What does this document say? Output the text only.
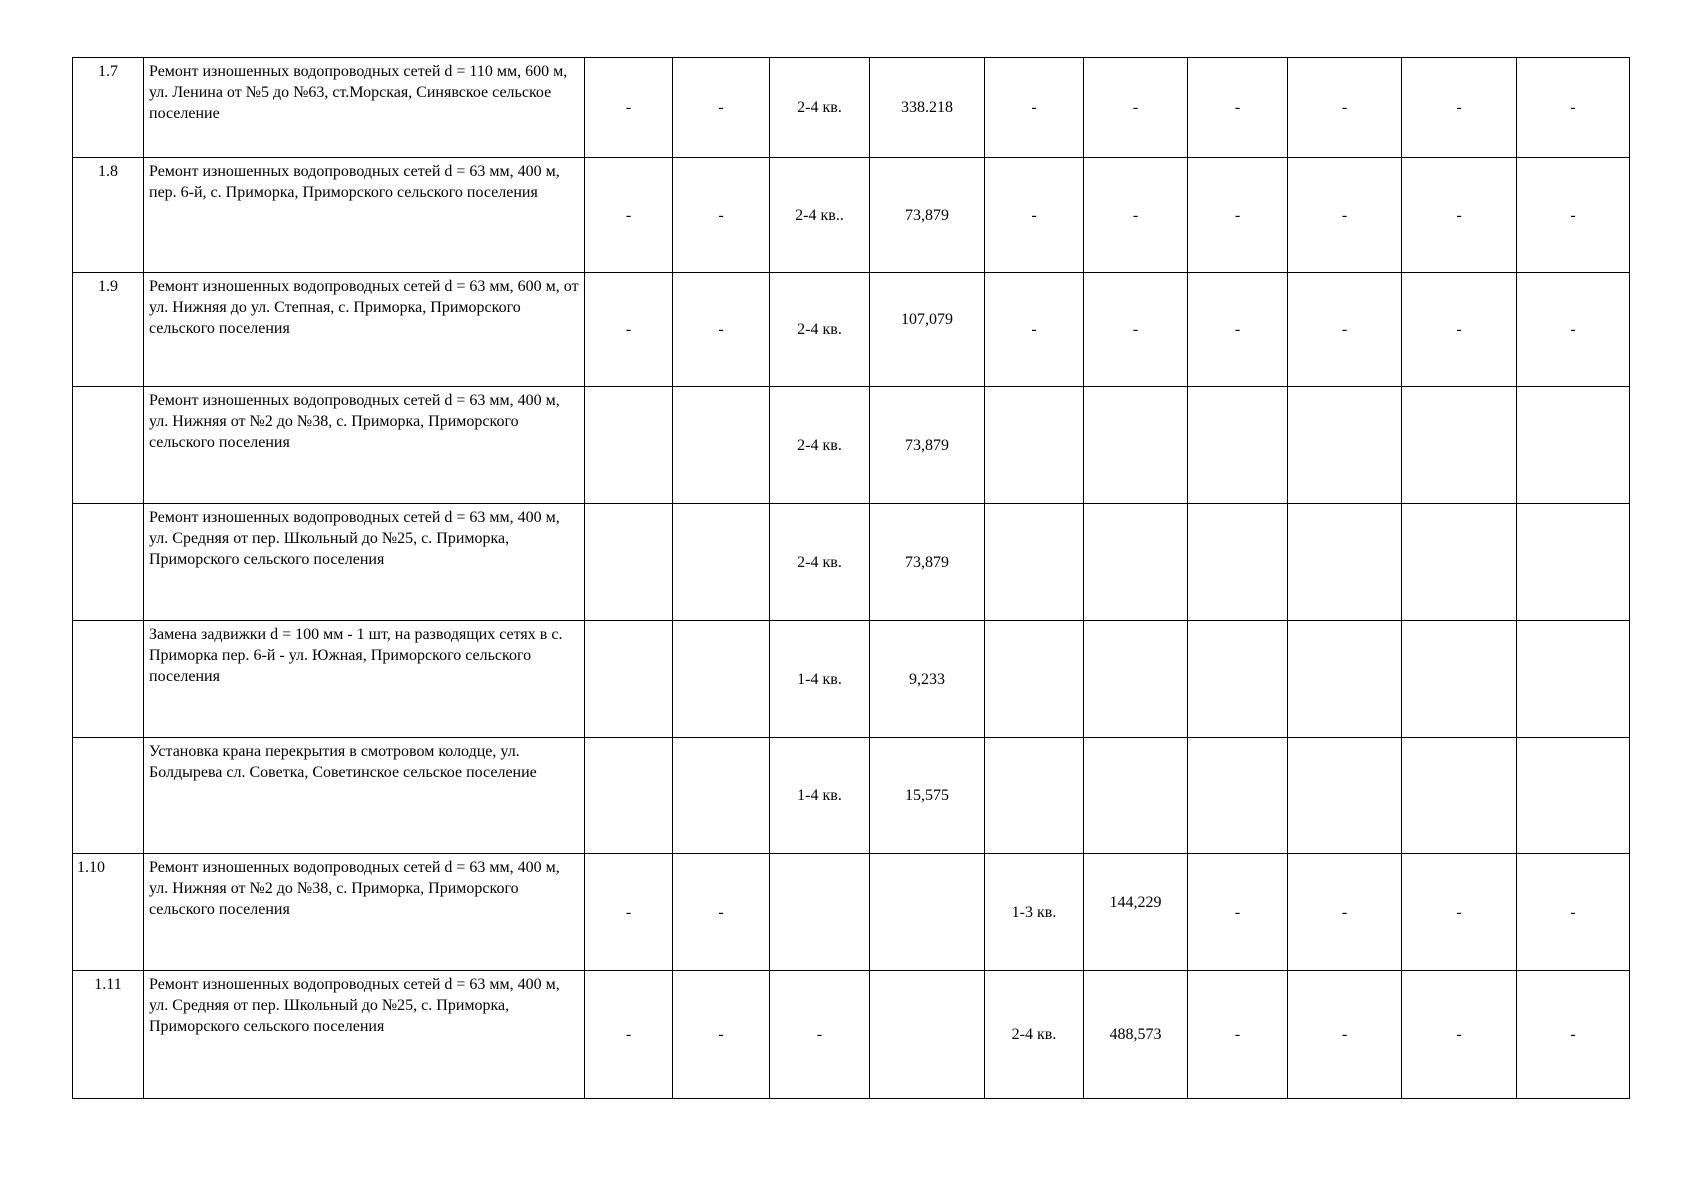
1.7	Ремонт изношенных водопроводных сетей d = 110 мм, 600 м, ул. Ленина от №5 до №63, ст.Морская, Синявское сельское поселение	-	-	2-4 кв.	338.218	-	-	-	-	-	-
1.8	Ремонт изношенных водопроводных сетей d = 63 мм, 400 м, пер. 6-й, с. Приморка, Приморского сельского поселения	-	-	2-4 кв..	73,879	-	-	-	-	-	-
1.9	Ремонт изношенных водопроводных сетей d = 63 мм, 600 м, от ул. Нижняя до ул. Степная, с. Приморка, Приморского сельского поселения	-	-	2-4 кв.	107,079	-	-	-	-	-	-
	Ремонт изношенных водопроводных сетей d = 63 мм, 400 м, ул. Нижняя от №2 до №38, с. Приморка, Приморского сельского поселения			2-4 кв.	73,879						
	Ремонт изношенных водопроводных сетей d = 63 мм, 400 м, ул. Средняя от пер. Школьный до №25, с. Приморка, Приморского сельского поселения			2-4 кв.	73,879						
	Замена задвижки d = 100 мм - 1 шт, на разводящих сетях в с. Приморка пер. 6-й - ул. Южная, Приморского сельского поселения			1-4 кв.	9,233						
	Установка крана перекрытия в смотровом колодце, ул. Болдырева сл. Советка, Советинское сельское поселение			1-4 кв.	15,575						
1.10	Ремонт изношенных водопроводных сетей d = 63 мм, 400 м, ул. Нижняя от №2 до №38, с. Приморка, Приморского сельского поселения	-	-			1-3 кв.	144,229	-	-	-	-
1.11	Ремонт изношенных водопроводных сетей d = 63 мм, 400 м, ул. Средняя от пер. Школьный до №25, с. Приморка, Приморского сельского поселения	-	-	-		2-4 кв.	488,573	-	-	-	-
